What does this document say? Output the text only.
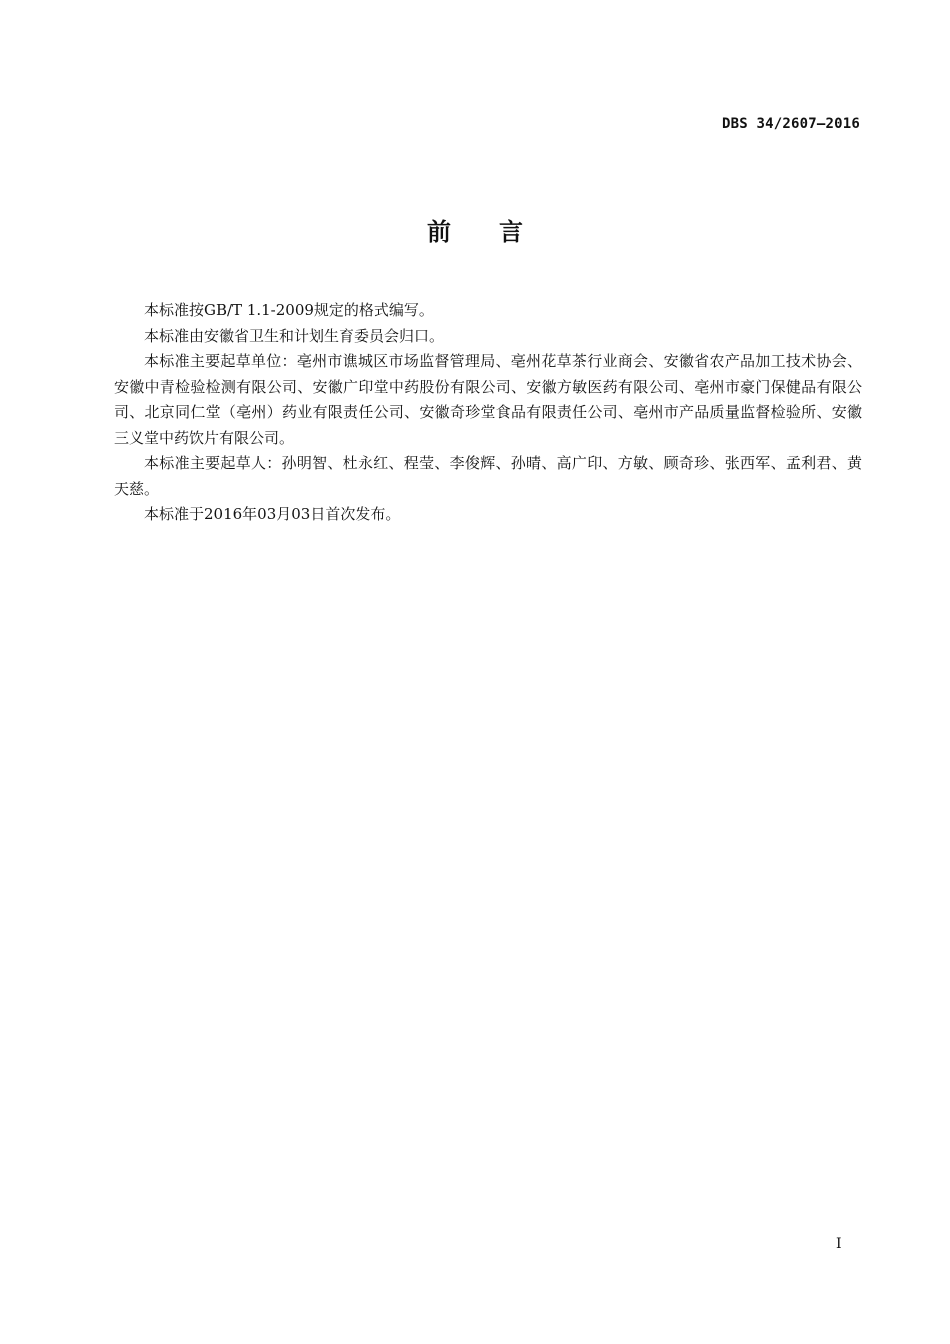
DBS 34/2607—2016
前 言

本标准按GB/T 1.1-2009规定的格式编写。

本标准由安徽省卫生和计划生育委员会归口。

本标准主要起草单位：亳州市谯城区市场监督管理局、亳州花草茶行业商会、安徽省农产品加工技术协会、安徽中青检验检测有限公司、安徽广印堂中药股份有限公司、安徽方敏医药有限公司、亳州市豪门保健品有限公司、北京同仁堂（亳州）药业有限责任公司、安徽奇珍堂食品有限责任公司、亳州市产品质量监督检验所、安徽三义堂中药饮片有限公司。

本标准主要起草人：孙明智、杜永红、程莹、李俊辉、孙晴、高广印、方敏、顾奇珍、张西军、孟利君、黄天慈。

本标准于2016年03月03日首次发布。

I
